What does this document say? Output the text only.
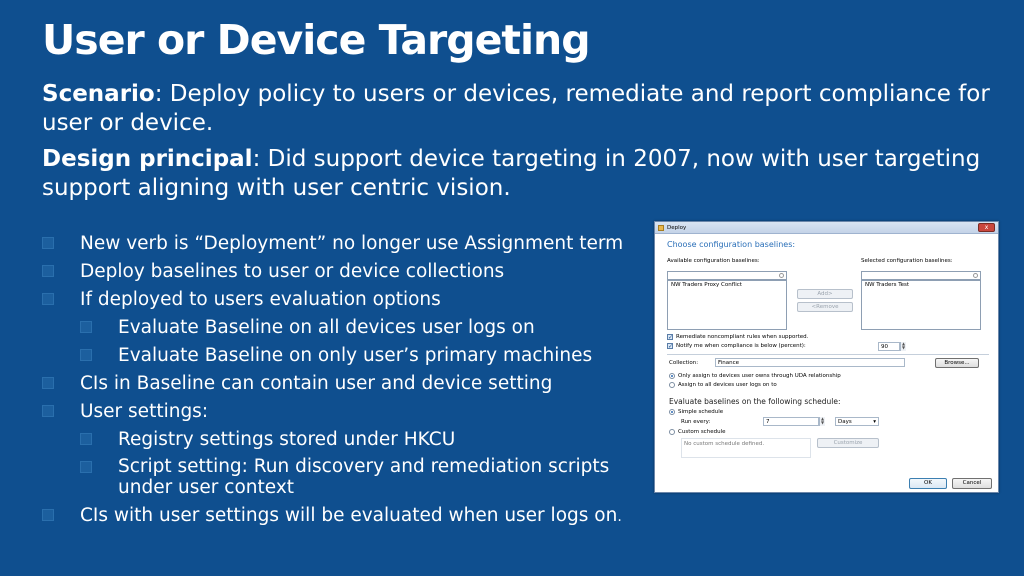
User or Device Targeting

Scenario: Deploy policy to users or devices, remediate and report compliance for user or device.

Design principal: Did support device targeting in 2007, now with user targeting support aligning with user centric vision.

New verb is “Deployment” no longer use Assignment term
Deploy baselines to user or device collections
If deployed to users evaluation options
Evaluate Baseline on all devices user logs on
Evaluate Baseline on only user’s primary machines
CIs in Baseline can contain user and device setting
User settings:
Registry settings stored under HKCU
Script setting: Run discovery and remediation scripts under user context
CIs with user settings will be evaluated when user logs on.
Deploy	x
Choose configuration baselines:
Available configuration baselines:	Selected configuration baselines:
NW Traders Proxy Conflict	NW Traders Test
Add>
<Remove
✓ Remediate noncompliant rules when supported.
✓ Notify me when compliance is below (percent):	90
▲
▼
Collection:	Finance	Browse...
Only assign to devices user owns through UDA relationship
Assign to all devices user logs on to
Evaluate baselines on the following schedule:
Simple schedule
Run every:	7
▲
▼	Days	▾
Custom schedule
No custom schedule defined.	Customize
OK	Cancel
